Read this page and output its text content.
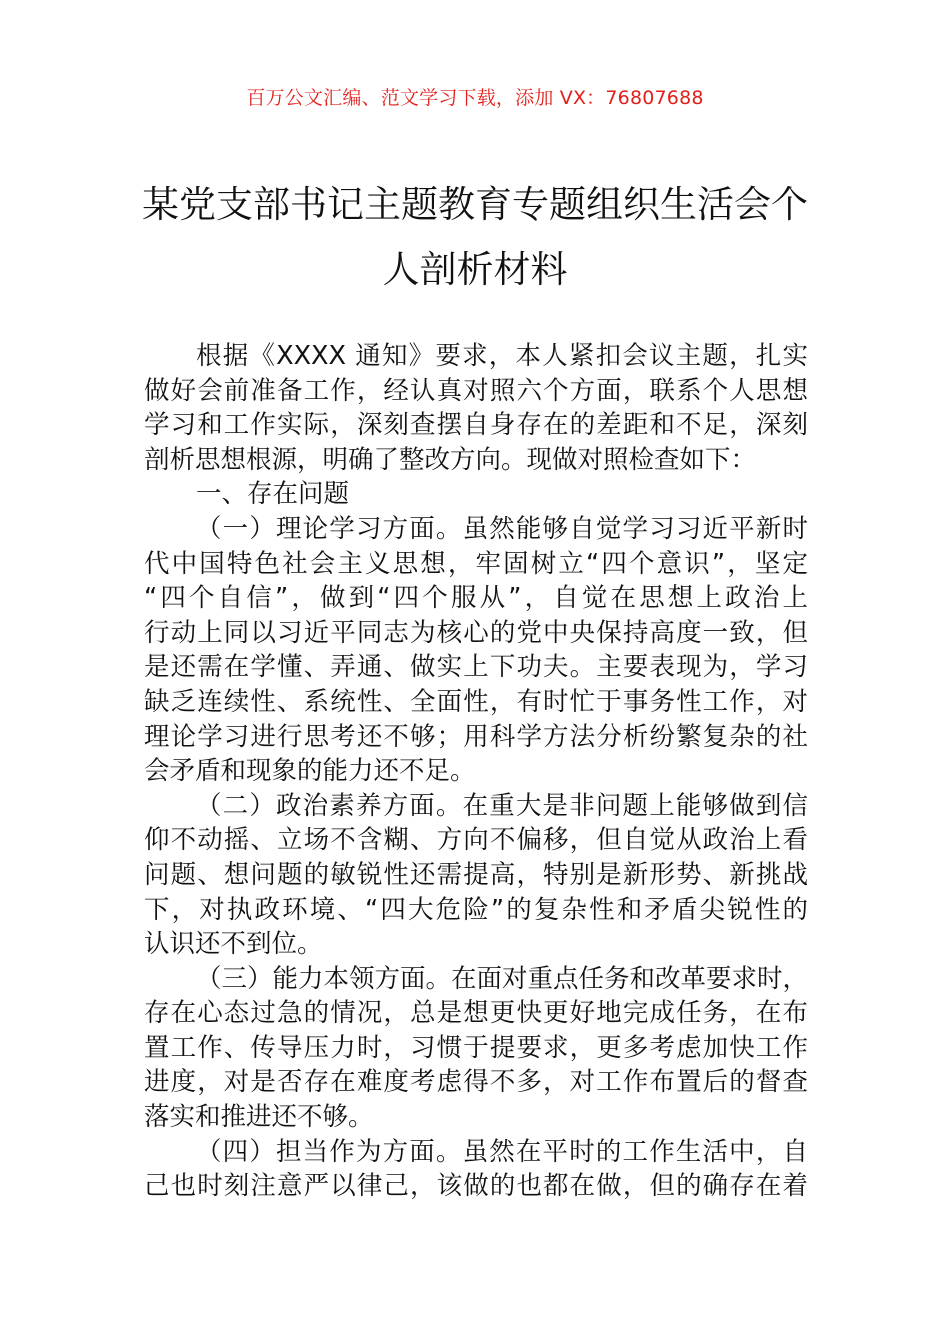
百万公文汇编、范文学习下载，添加 VX：76807688
某党支部书记主题教育专题组织生活会个
人剖析材料
根据《XXXX 通知》要求，本人紧扣会议主题，扎实
做好会前准备工作，经认真对照六个方面，联系个人思想
学习和工作实际，深刻查摆自身存在的差距和不足，深刻
剖析思想根源，明确了整改方向。现做对照检查如下：
一、存在问题
（一）理论学习方面。虽然能够自觉学习习近平新时
代中国特色社会主义思想，牢固树立“四个意识”，坚定
“四个自信”，做到“四个服从”，自觉在思想上政治上
行动上同以习近平同志为核心的党中央保持高度一致，但
是还需在学懂、弄通、做实上下功夫。主要表现为，学习
缺乏连续性、系统性、全面性，有时忙于事务性工作，对
理论学习进行思考还不够；用科学方法分析纷繁复杂的社
会矛盾和现象的能力还不足。
（二）政治素养方面。在重大是非问题上能够做到信
仰不动摇、立场不含糊、方向不偏移，但自觉从政治上看
问题、想问题的敏锐性还需提高，特别是新形势、新挑战
下，对执政环境、“四大危险”的复杂性和矛盾尖锐性的
认识还不到位。
（三）能力本领方面。在面对重点任务和改革要求时，
存在心态过急的情况，总是想更快更好地完成任务，在布
置工作、传导压力时，习惯于提要求，更多考虑加快工作
进度，对是否存在难度考虑得不多，对工作布置后的督查
落实和推进还不够。
（四）担当作为方面。虽然在平时的工作生活中，自
己也时刻注意严以律己，该做的也都在做，但的确存在着
